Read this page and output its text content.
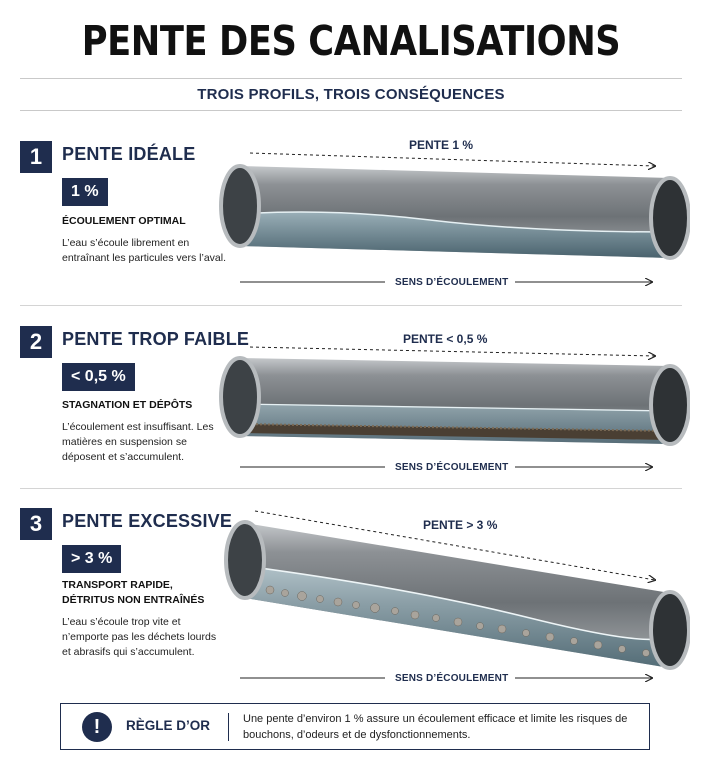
PENTE DES CANALISATIONS
TROIS PROFILS, TROIS CONSÉQUENCES
1	PENTE IDÉALE
1 %
ÉCOULEMENT OPTIMAL
L’eau s’écoule librement en entraînant les particules vers l’aval.
PENTE 1 %
SENS D’ÉCOULEMENT
2	PENTE TROP FAIBLE
< 0,5 %
STAGNATION ET DÉPÔTS
L’écoulement est insuffisant. Les matières en suspension se déposent et s’accumulent.
PENTE < 0,5 %
SENS D’ÉCOULEMENT
3	PENTE EXCESSIVE
> 3 %
TRANSPORT RAPIDE, DÉTRITUS NON ENTRAÎNÉS
L’eau s’écoule trop vite et n’emporte pas les déchets lourds et abrasifs qui s’accumulent.
PENTE > 3 %
SENS D’ÉCOULEMENT
!	RÈGLE D’OR	Une pente d’environ 1 % assure un écoulement efficace et limite les risques de bouchons, d’odeurs et de dysfonctionnements.
